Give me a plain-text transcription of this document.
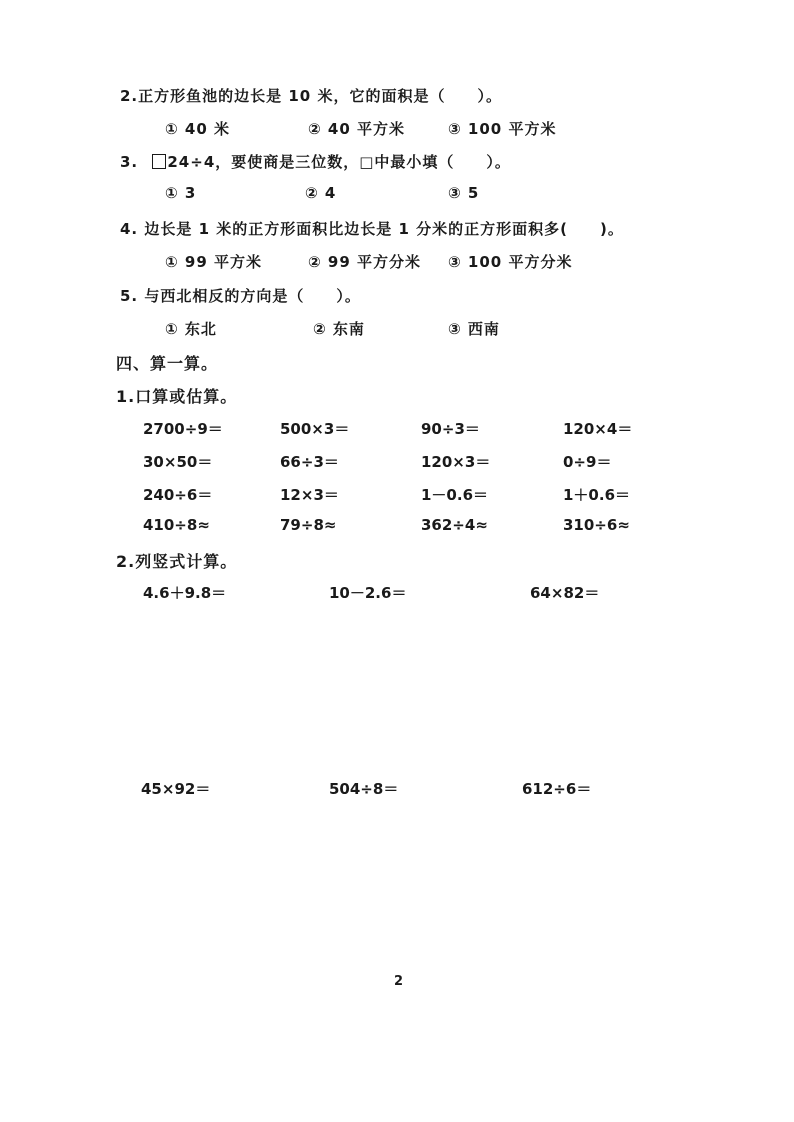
2.正方形鱼池的边长是 10 米，它的面积是（　　）。
① 40 米	② 40 平方米	③ 100 平方米
3. 24÷4，要使商是三位数，□中最小填（　　）。
① 3	② 4	③ 5
4. 边长是 1 米的正方形面积比边长是 1 分米的正方形面积多(　　)。
① 99 平方米	② 99 平方分米 ③ 100 平方分米
5. 与西北相反的方向是（　　）。
① 东北	② 东南	③ 西南
四、算一算。
1.口算或估算。
2700÷9＝	500×3＝	90÷3＝	120×4＝
30×50＝	66÷3＝	120×3＝	0÷9＝
240÷6＝	12×3＝	1－0.6＝	1＋0.6＝
410÷8≈	79÷8≈	362÷4≈	310÷6≈
2.列竖式计算。
4.6＋9.8＝	10－2.6＝	64×82＝
45×92＝	504÷8＝	612÷6＝
2
